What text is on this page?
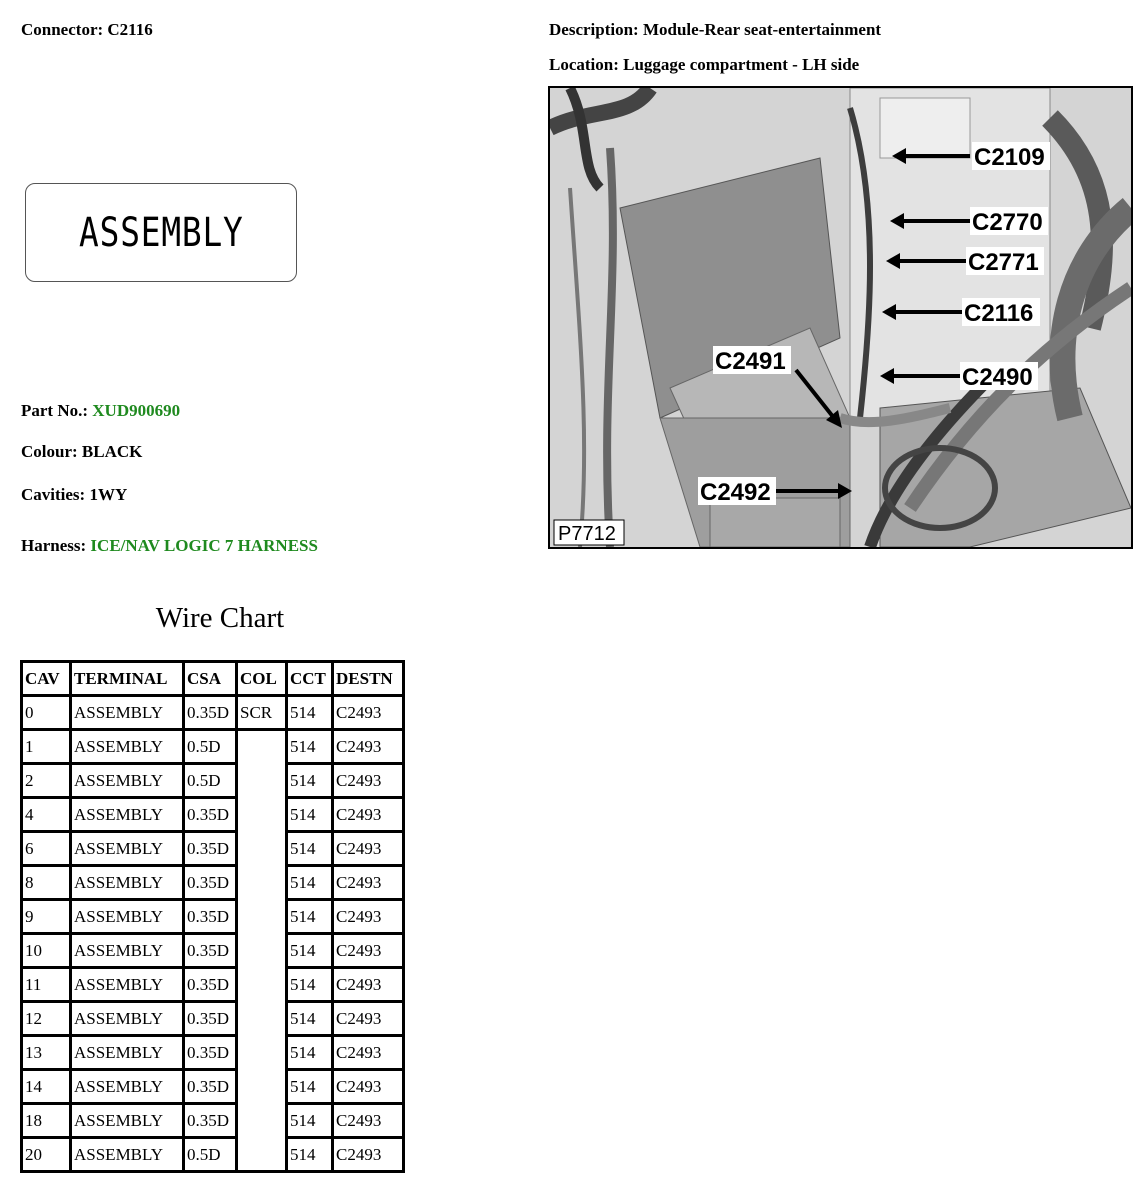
Connector: C2116	Description: Module-Rear seat-entertainment
Location: Luggage compartment - LH side
ASSEMBLY
Part No.: XUD900690
Colour: BLACK
Cavities: 1WY
Harness: ICE/NAV LOGIC 7 HARNESS
Wire Chart
CAV	TERMINAL	CSA	COL	CCT	DESTN
0	ASSEMBLY	0.35D	SCR	514	C2493
1	ASSEMBLY	0.5D		514	C2493
2	ASSEMBLY	0.5D		514	C2493
4	ASSEMBLY	0.35D		514	C2493
6	ASSEMBLY	0.35D		514	C2493
8	ASSEMBLY	0.35D		514	C2493
9	ASSEMBLY	0.35D		514	C2493
10	ASSEMBLY	0.35D		514	C2493
11	ASSEMBLY	0.35D		514	C2493
12	ASSEMBLY	0.35D		514	C2493
13	ASSEMBLY	0.35D		514	C2493
14	ASSEMBLY	0.35D		514	C2493
18	ASSEMBLY	0.35D		514	C2493
20	ASSEMBLY	0.5D		514	C2493
C2109
C2770
C2771
C2116
C2490
C2491
C2492
P7712
